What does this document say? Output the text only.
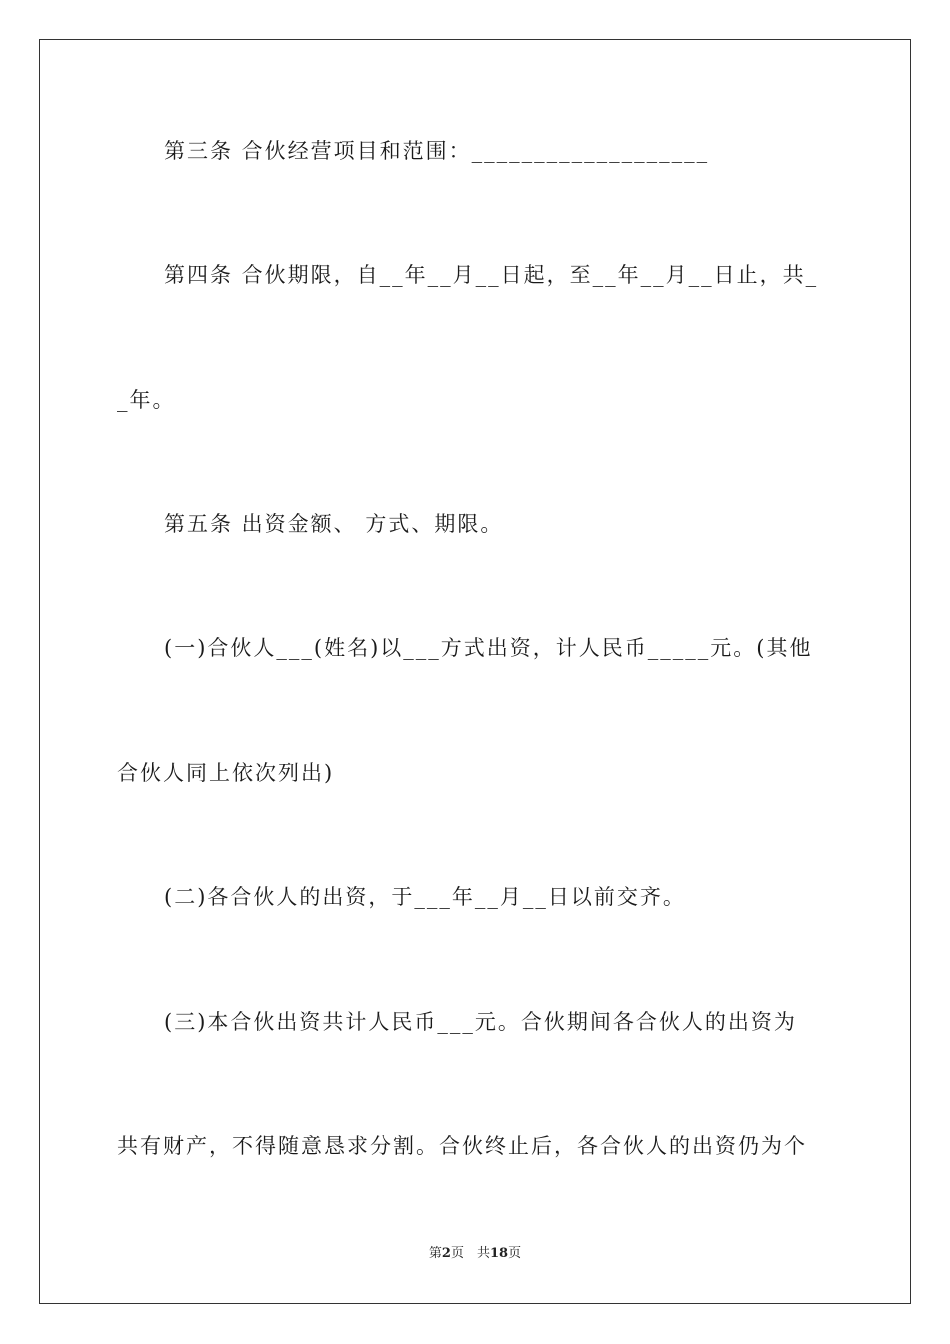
第三条 合伙经营项目和范围：___________________
第四条 合伙期限，自__年__月__日起，至__年__月__日止，共_
_年。
第五条 出资金额、 方式、期限。
(一)合伙人___(姓名)以___方式出资，计人民币_____元。(其他
合伙人同上依次列出)
(二)各合伙人的出资，于___年__月__日以前交齐。
(三)本合伙出资共计人民币___元。合伙期间各合伙人的出资为
共有财产，不得随意恳求分割。合伙终止后，各合伙人的出资仍为个
第2页　共18页
